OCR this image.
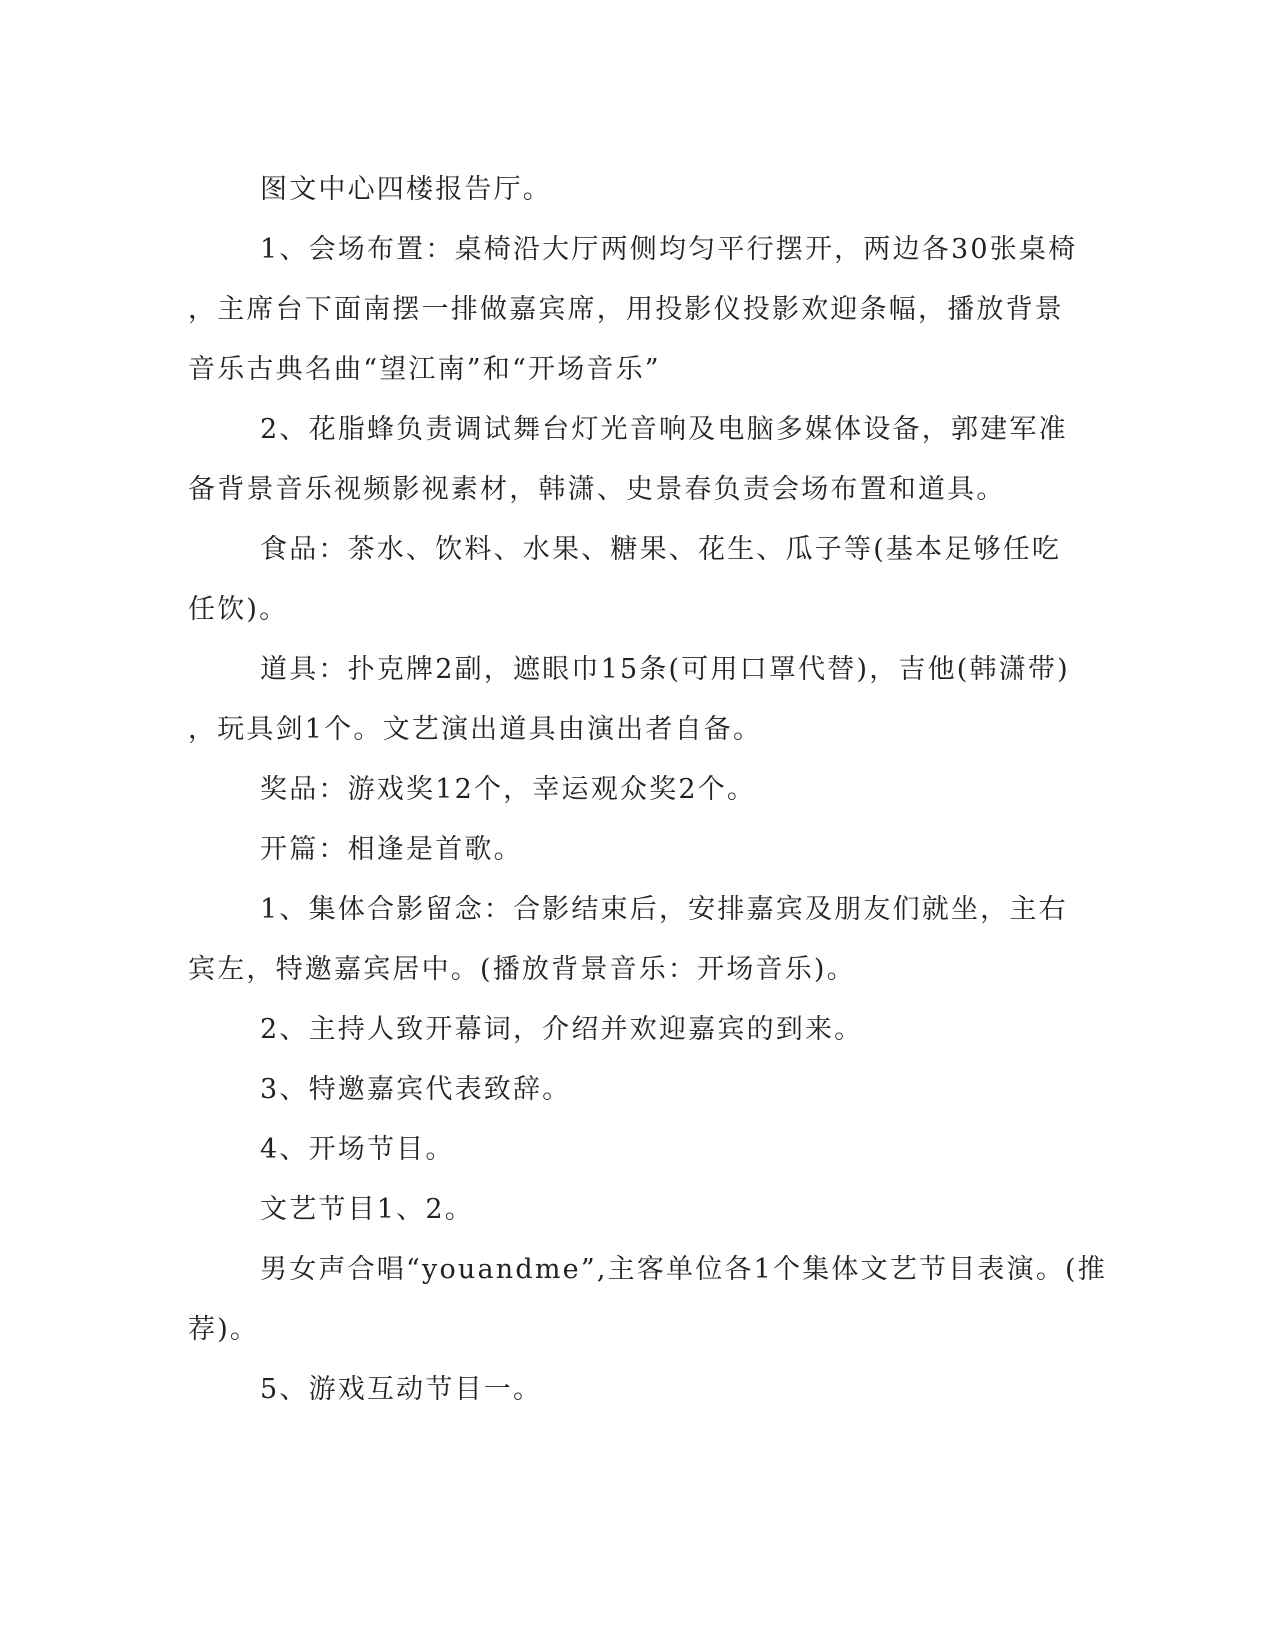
图文中心四楼报告厅。
1、会场布置：桌椅沿大厅两侧均匀平行摆开，两边各30张桌椅
，主席台下面南摆一排做嘉宾席，用投影仪投影欢迎条幅，播放背景
音乐古典名曲“望江南”和“开场音乐”
2、花脂蜂负责调试舞台灯光音响及电脑多媒体设备，郭建军准
备背景音乐视频影视素材，韩潇、史景春负责会场布置和道具。
食品：茶水、饮料、水果、糖果、花生、瓜子等(基本足够任吃
任饮)。
道具：扑克牌2副，遮眼巾15条(可用口罩代替)，吉他(韩潇带)
，玩具剑1个。文艺演出道具由演出者自备。
奖品：游戏奖12个，幸运观众奖2个。
开篇：相逢是首歌。
1、集体合影留念：合影结束后，安排嘉宾及朋友们就坐，主右
宾左，特邀嘉宾居中。(播放背景音乐：开场音乐)。
2、主持人致开幕词，介绍并欢迎嘉宾的到来。
3、特邀嘉宾代表致辞。
4、开场节目。
文艺节目1、2。
男女声合唱“youandme”,主客单位各1个集体文艺节目表演。(推
荐)。
5、游戏互动节目一。
